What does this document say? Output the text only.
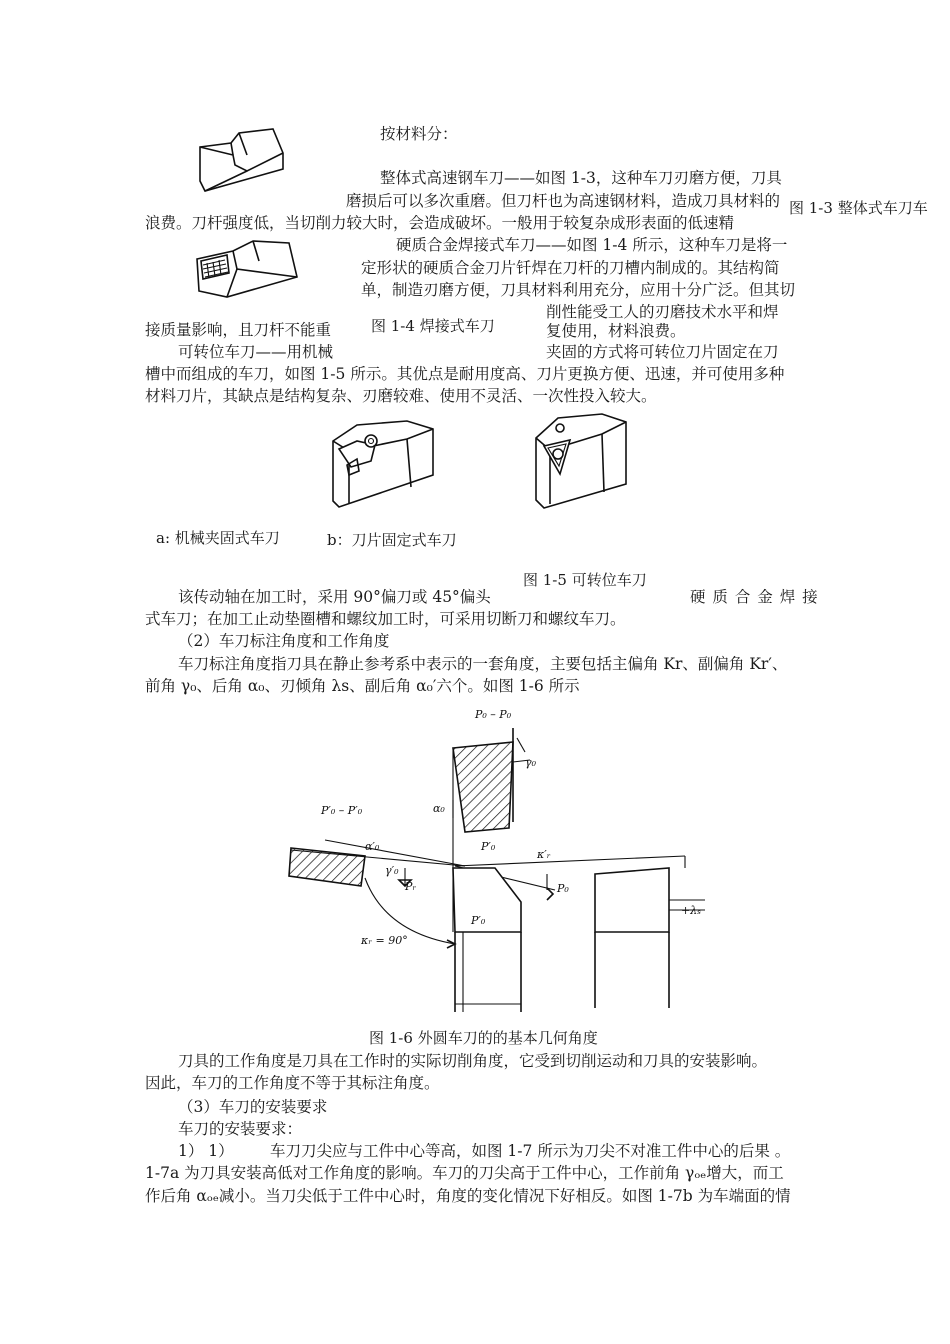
按材料分：
整体式高速钢车刀——如图 1-3，这种车刀刃磨方便，刀具
磨损后可以多次重磨。但刀杆也为高速钢材料，造成刀具材料的
浪费。刀杆强度低，当切削力较大时，会造成破坏。一般用于较复杂成形表面的低速精
硬质合金焊接式车刀——如图 1-4 所示，这种车刀是将一
定形状的硬质合金刀片钎焊在刀杆的刀槽内制成的。其结构简
单，制造刃磨方便，刀具材料利用充分，应用十分广泛。但其切
削性能受工人的刃磨技术水平和焊
接质量影响，且刀杆不能重	复使用，材料浪费。
可转位车刀——用机械	夹固的方式将可转位刀片固定在刀
槽中而组成的车刀，如图 1-5 所示。其优点是耐用度高、刀片更换方便、迅速，并可使用多种
材料刀片，其缺点是结构复杂、刃磨较难、使用不灵活、一次性投入较大。
该传动轴在加工时，采用 90°偏刀或 45°偏头	硬 质 合 金 焊 接
式车刀；在加工止动垫圈槽和螺纹加工时，可采用切断刀和螺纹车刀。
（2）车刀标注角度和工作角度
车刀标注角度指刀具在静止参考系中表示的一套角度，主要包括主偏角 Kr、副偏角 Kr′、
前角 γ₀、后角 α₀、刃倾角 λs、副后角 α₀′六个。如图 1-6 所示
刀具的工作角度是刀具在工作时的实际切削角度，它受到切削运动和刀具的安装影响。
因此，车刀的工作角度不等于其标注角度。
（3）车刀的安装要求
车刀的安装要求：
1） 1） 车刀刀尖应与工件中心等高，如图 1-7 所示为刀尖不对准工件中心的后果 。
1-7a 为刀具安装高低对工作角度的影响。车刀的刀尖高于工件中心，工作前角 γₒₑ增大，而工
作后角 αₒₑ减小。当刀尖低于工件中心时，角度的变化情况下好相反。如图 1-7b 为车端面的情
图 1-3 整体式车刀车
图 1-4 焊接式车刀
a: 机械夹固式车刀	b：刀片固定式车刀
图 1-5 可转位车刀
图 1-6 外圆车刀的的基本几何角度
P₀ – P₀
γ₀
α₀
P′₀ – P′₀
α′₀
γ′₀
P′₀
κ′ᵣ
Pᵣ	P₀
+λₛ
P′₀
κᵣ = 90°
